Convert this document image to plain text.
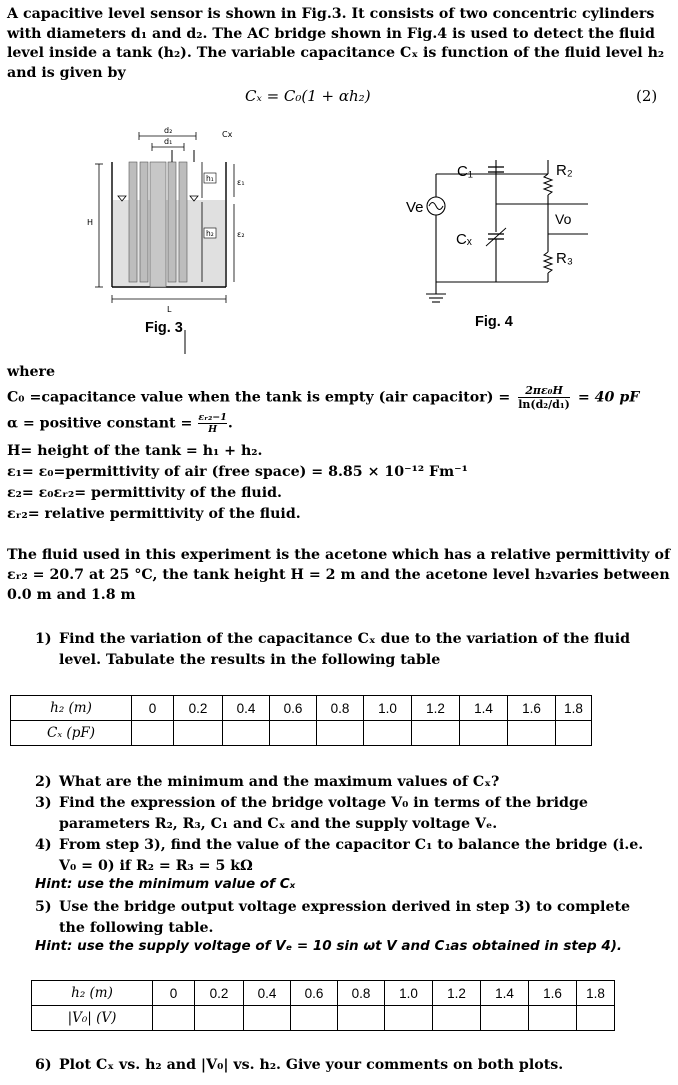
A capacitive level sensor is shown in Fig.3. It consists of two concentric cylinders with diameters d₁ and d₂. The AC bridge shown in Fig.4 is used to detect the fluid level inside a tank (h₂). The variable capacitance Cₓ is function of the fluid level h₂ and is given by
Cₓ = C₀(1 + αh₂)	(2)
d₂
d₁
Cx
h₁
h₂
ε₁
ε₂
H
L
Fig. 3
Ve
C₁
Cₓ
R₂
R₃
Vo
Fig. 4
where
C₀ =capacitance value when the tank is empty (air capacitor) = $\frac{\text{2πε₀H}}{\text{ln(d₂/d₁)}} = 40$ pF
α = positive constant = $\frac{\text{εᵣ₂−1}}{H}$ .
H= height of the tank = h₁ + h₂.
ε₁= ε₀=permittivity of air (free space) = 8.85 × 10⁻¹² Fm⁻¹
ε₂= ε₀εᵣ₂= permittivity of the fluid.
εᵣ₂= relative permittivity of the fluid.
The fluid used in this experiment is the acetone which has a relative permittivity of εᵣ₂ = 20.7 at 25 °C, the tank height H = 2 m and the acetone level h₂varies between 0.0 m and 1.8 m
1) Find the variation of the capacitance Cₓ due to the variation of the fluid level. Tabulate the results in the following table
h₂ (m)	0	0.2	0.4	0.6	0.8	1.0	1.2	1.4	1.6	1.8
Cₓ (pF)										
2) What are the minimum and the maximum values of Cₓ?
3) Find the expression of the bridge voltage V₀ in terms of the bridge parameters R₂, R₃, C₁ and Cₓ and the supply voltage Vₑ.
4) From step 3), find the value of the capacitor C₁ to balance the bridge (i.e. V₀ = 0) if R₂ = R₃ = 5 kΩ
Hint: use the minimum value of Cₓ
5) Use the bridge output voltage expression derived in step 3) to complete the following table.
Hint: use the supply voltage of Vₑ = 10 sin ωt V and C₁as obtained in step 4).
h₂ (m)	0	0.2	0.4	0.6	0.8	1.0	1.2	1.4	1.6	1.8
|V₀| (V)										
6) Plot Cₓ vs. h₂ and |V₀| vs. h₂. Give your comments on both plots.
